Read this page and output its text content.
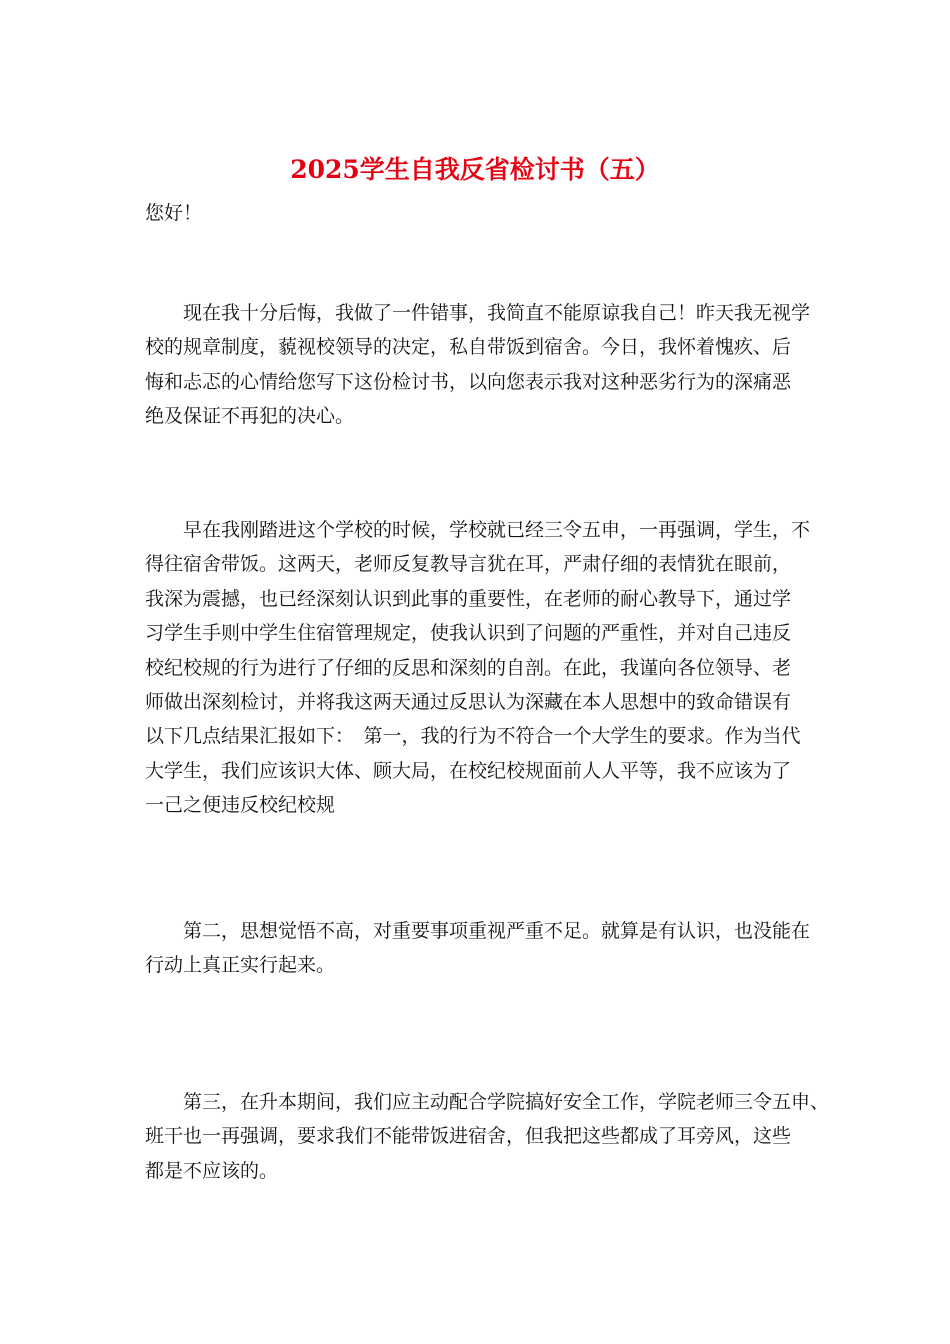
2025学生自我反省检讨书（五）
您好！
　　现在我十分后悔，我做了一件错事，我简直不能原谅我自己！昨天我无视学
校的规章制度，藐视校领导的决定，私自带饭到宿舍。今日，我怀着愧疚、后
悔和忐忑的心情给您写下这份检讨书，以向您表示我对这种恶劣行为的深痛恶
绝及保证不再犯的决心。
　　早在我刚踏进这个学校的时候，学校就已经三令五申，一再强调，学生，不
得往宿舍带饭。这两天，老师反复教导言犹在耳，严肃仔细的表情犹在眼前，
我深为震撼，也已经深刻认识到此事的重要性，在老师的耐心教导下，通过学
习学生手则中学生住宿管理规定，使我认识到了问题的严重性，并对自己违反
校纪校规的行为进行了仔细的反思和深刻的自剖。在此，我谨向各位领导、老
师做出深刻检讨，并将我这两天通过反思认为深藏在本人思想中的致命错误有
以下几点结果汇报如下：　第一，我的行为不符合一个大学生的要求。作为当代
大学生，我们应该识大体、顾大局，在校纪校规面前人人平等，我不应该为了
一己之便违反校纪校规
　　第二，思想觉悟不高，对重要事项重视严重不足。就算是有认识，也没能在
行动上真正实行起来。
　　第三，在升本期间，我们应主动配合学院搞好安全工作，学院老师三令五申、
班干也一再强调，要求我们不能带饭进宿舍，但我把这些都成了耳旁风，这些
都是不应该的。
